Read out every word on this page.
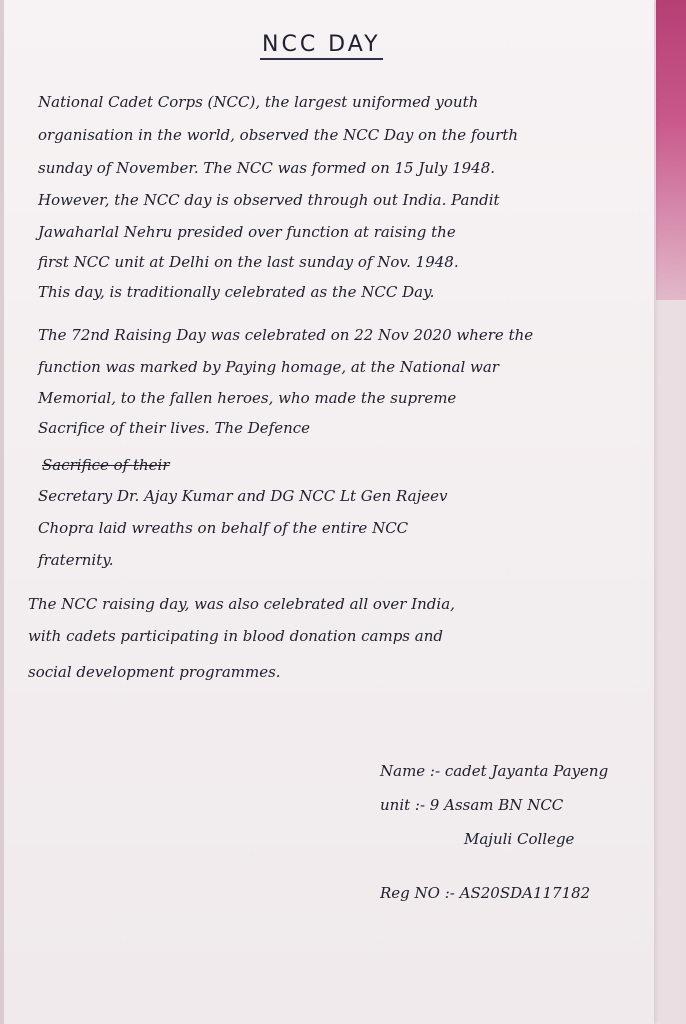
NCC DAY
National Cadet Corps (NCC), the largest uniformed youth
organisation in the world, observed the NCC Day on the fourth
sunday of November. The NCC was formed on 15 July 1948.
However, the NCC day is observed through out India. Pandit
Jawaharlal Nehru presided over function at raising the
first NCC unit at Delhi on the last sunday of Nov. 1948.
This day, is traditionally celebrated as the NCC Day.
The 72nd Raising Day was celebrated on 22 Nov 2020 where the
function was marked by Paying homage, at the National war
Memorial, to the fallen heroes, who made the supreme
Sacrifice of their lives. The Defence
Sacrifice of their
Secretary Dr. Ajay Kumar and DG NCC Lt Gen Rajeev
Chopra laid wreaths on behalf of the entire NCC
fraternity.
The NCC raising day, was also celebrated all over India,
with cadets participating in blood donation camps and
social development programmes.
Name :- cadet Jayanta Payeng
unit :- 9 Assam BN NCC
Majuli College
Reg NO :- AS20SDA117182
